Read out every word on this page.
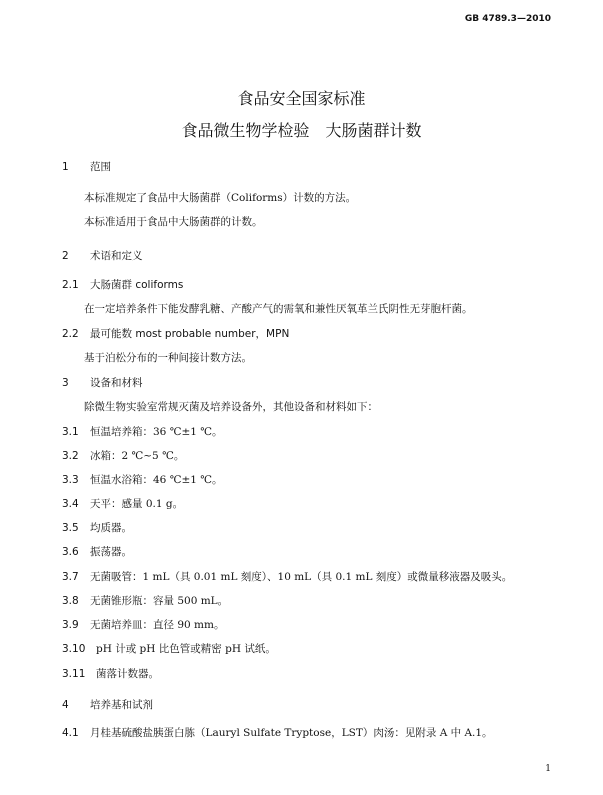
GB 4789.3—2010
食品安全国家标准
食品微生物学检验　大肠菌群计数
1 范围
本标准规定了食品中大肠菌群（Coliforms）计数的方法。
本标准适用于食品中大肠菌群的计数。
2 术语和定义
2.1 大肠菌群 coliforms
在一定培养条件下能发酵乳糖、产酸产气的需氧和兼性厌氧革兰氏阴性无芽胞杆菌。
2.2 最可能数 most probable number，MPN
基于泊松分布的一种间接计数方法。
3 设备和材料
除微生物实验室常规灭菌及培养设备外，其他设备和材料如下：
3.1 恒温培养箱：36 ℃±1 ℃。
3.2 冰箱：2 ℃~5 ℃。
3.3 恒温水浴箱：46 ℃±1 ℃。
3.4 天平：感量 0.1 g。
3.5 均质器。
3.6 振荡器。
3.7 无菌吸管：1 mL（具 0.01 mL 刻度）、10 mL（具 0.1 mL 刻度）或微量移液器及吸头。
3.8 无菌锥形瓶：容量 500 mL。
3.9 无菌培养皿：直径 90 mm。
3.10 pH 计或 pH 比色管或精密 pH 试纸。
3.11 菌落计数器。
4 培养基和试剂
4.1 月桂基硫酸盐胰蛋白胨（Lauryl Sulfate Tryptose，LST）肉汤：见附录 A 中 A.1。
1
